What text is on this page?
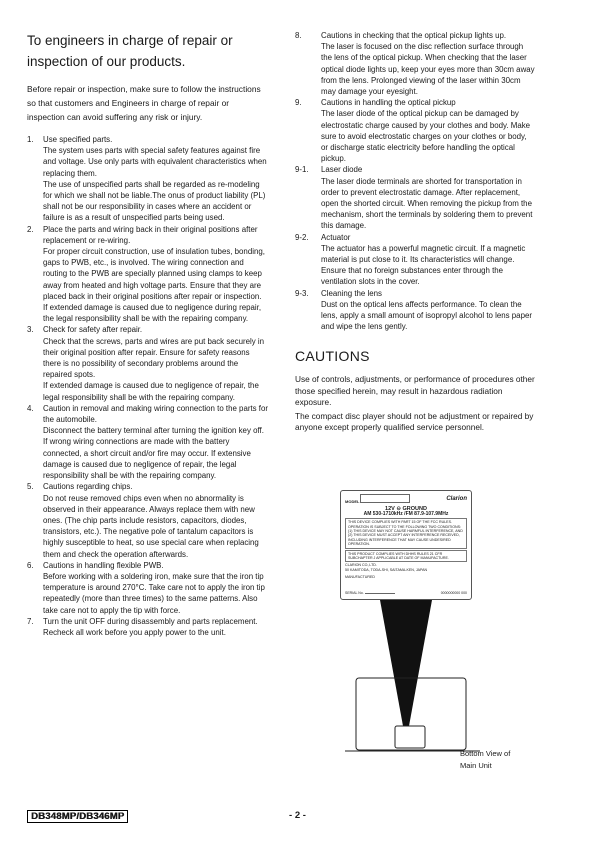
To engineers in charge of repair or inspection of our products.

Before repair or inspection, make sure to follow the instructions so that customers and Engineers in charge of repair or inspection can avoid suffering any risk or injury.

1. Use specified parts.

The system uses parts with special safety features against fire and voltage. Use only parts with equivalent characteristics when replacing them.

The use of unspecified parts shall be regarded as re-modeling for which we shall not be liable.The onus of product liability (PL) shall not be our responsibility in cases where an accident or failure is as a result of unspecified parts being used.

2. Place the parts and wiring back in their original positions after replacement or re-wiring.

For proper circuit construction, use of insulation tubes, bonding, gaps to PWB, etc., is involved. The wiring connection and routing to the PWB are specially planned using clamps to keep away from heated and high voltage parts. Ensure that they are placed back in their original positions after repair or inspection.

If extended damage is caused due to negligence during repair, the legal responsibility shall be with the repairing company.

3. Check for safety after repair.

Check that the screws, parts and wires are put back securely in their original position after repair. Ensure for safety reasons there is no possibility of secondary problems around the repaired spots.

If extended damage is caused due to negligence of repair, the legal responsibility shall be with the repairing company.

4. Caution in removal and making wiring connection to the parts for the automobile.

Disconnect the battery terminal after turning the ignition key off. If wrong wiring connections are made with the battery connected, a short circuit and/or fire may occur. If extensive damage is caused due to negligence of repair, the legal responsibility shall be with the repairing company.

5. Cautions regarding chips.

Do not reuse removed chips even when no abnormality is observed in their appearance. Always replace them with new ones. (The chip parts include resistors, capacitors, diodes, transistors, etc.). The negative pole of tantalum capacitors is highly susceptible to heat, so use special care when replacing them and check the operation afterwards.

6. Cautions in handling flexible PWB.

Before working with a soldering iron, make sure that the iron tip temperature is around 270°C. Take care not to apply the iron tip repeatedly (more than three times) to the same patterns. Also take care not to apply the tip with force.

7. Turn the unit OFF during disassembly and parts replacement. Recheck all work before you apply power to the unit.

8. Cautions in checking that the optical pickup lights up.

The laser is focused on the disc reflection surface through the lens of the optical pickup. When checking that the laser optical diode lights up, keep your eyes more than 30cm away from the lens. Prolonged viewing of the laser within 30cm may damage your eyesight.

9. Cautions in handling the optical pickup

The laser diode of the optical pickup can be damaged by electrostatic charge caused by your clothes and body. Make sure to avoid electrostatic charges on your clothes or body, or discharge static electricity before handling the optical pickup.

9-1. Laser diode

The laser diode terminals are shorted for transportation in order to prevent electrostatic damage. After replacement, open the shorted circuit. When removing the pickup from the mechanism, short the terminals by soldering them to prevent this damage.

9-2. Actuator

The actuator has a powerful magnetic circuit. If a magnetic material is put close to it. Its characteristics will change. Ensure that no foreign substances enter through the ventilation slots in the cover.

9-3. Cleaning the lens

Dust on the optical lens affects performance. To clean the lens, apply a small amount of isopropyl alcohol to lens paper and wipe the lens gently.

CAUTIONS

Use of controls, adjustments, or performance of procedures other those specified herein, may result in hazardous radiation exposure.

The compact disc player should not be adjustment or repaired by anyone except properly qualified service personnel.

MODEL	Clarion
12V ⊖ GROUND
AM 530-1710kHz /FM 87.9-107.9MHz
THIS DEVICE COMPLIES WITH PART 15 OF THE FCC RULES. OPERATION IS SUBJECT TO THE FOLLOWING TWO CONDITIONS: (1) THIS DEVICE MAY NOT CAUSE HARMFUL INTERFERENCE, AND (2) THIS DEVICE MUST ACCEPT ANY INTERFERENCE RECEIVED, INCLUDING INTERFERENCE THAT MAY CAUSE UNDESIRED OPERATION.
THIS PRODUCT COMPLIES WITH DHHS RULES 21 CFR SUBCHAPTER J APPLICABLE AT DATE OF MANUFACTURE.
CLARION CO.,LTD.
50 KAMITODA, TODA-SHI, SAITAMA-KEN, JAPAN
MANUFACTURED
SERIAL No.	0000000000 000
Bottom View of
Main Unit
DB348MP/DB346MP	- 2 -
